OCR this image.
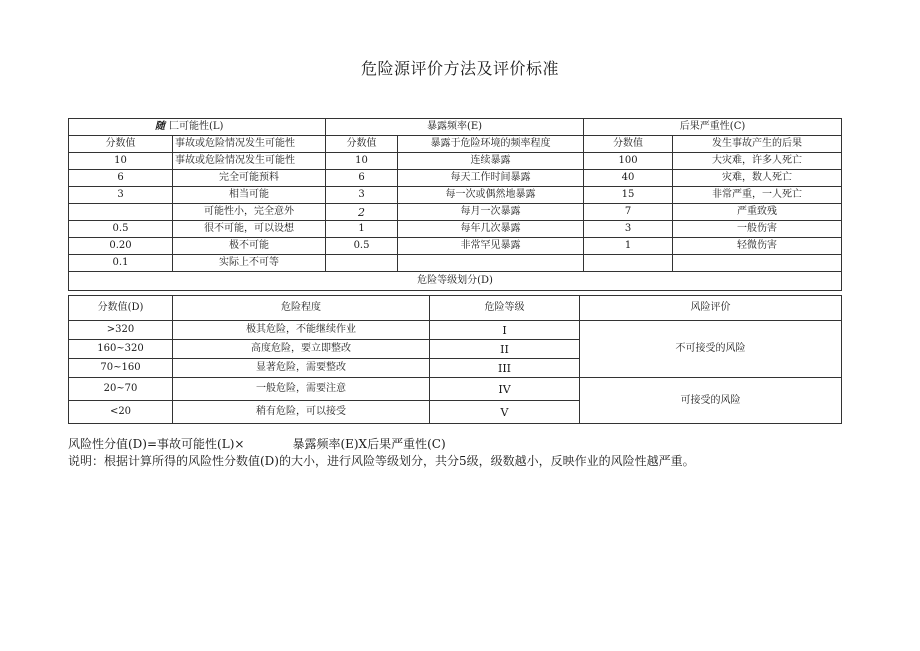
危险源评价方法及评价标准
随 匚可能性(L)		暴露频率(E)		后果严重性(C)	
分数值	事故或危险情况发生可能性	分数值	暴露于危险环境的频率程度	分数值	发生事故产生的后果
10	事故或危险情况发生可能性	10	连续暴露	100	大灾难，许多人死亡
6	完全可能预料	6	每天工作时间暴露	40	灾难，数人死亡
3	相当可能	3	每一次或偶然地暴露	15	非常严重，一人死亡
	可能性小，完全意外	2	每月一次暴露	7	严重致残
0.5	很不可能，可以设想	1	每年几次暴露	3	一般伤害
0.20	极不可能	0.5	非常罕见暴露	1	轻微伤害
0.1	实际上不可等				
危险等级划分(D)					
分数值(D)	危险程度	危险等级	风险评价
>320	极其危险，不能继续作业	I	不可接受的风险
160~320	高度危险，要立即整改	II	
70~160	显著危险，需要整改	III	
20~70	一般危险，需要注意	IV	可接受的风险
<20	稍有危险，可以接受	V	
风险性分值(D)=事故可能性(L)×	暴露频率(E)X后果严重性(C)
说明：根据计算所得的风险性分数值(D)的大小，进行风险等级划分，共分5级，级数越小，反映作业的风险性越严重。
